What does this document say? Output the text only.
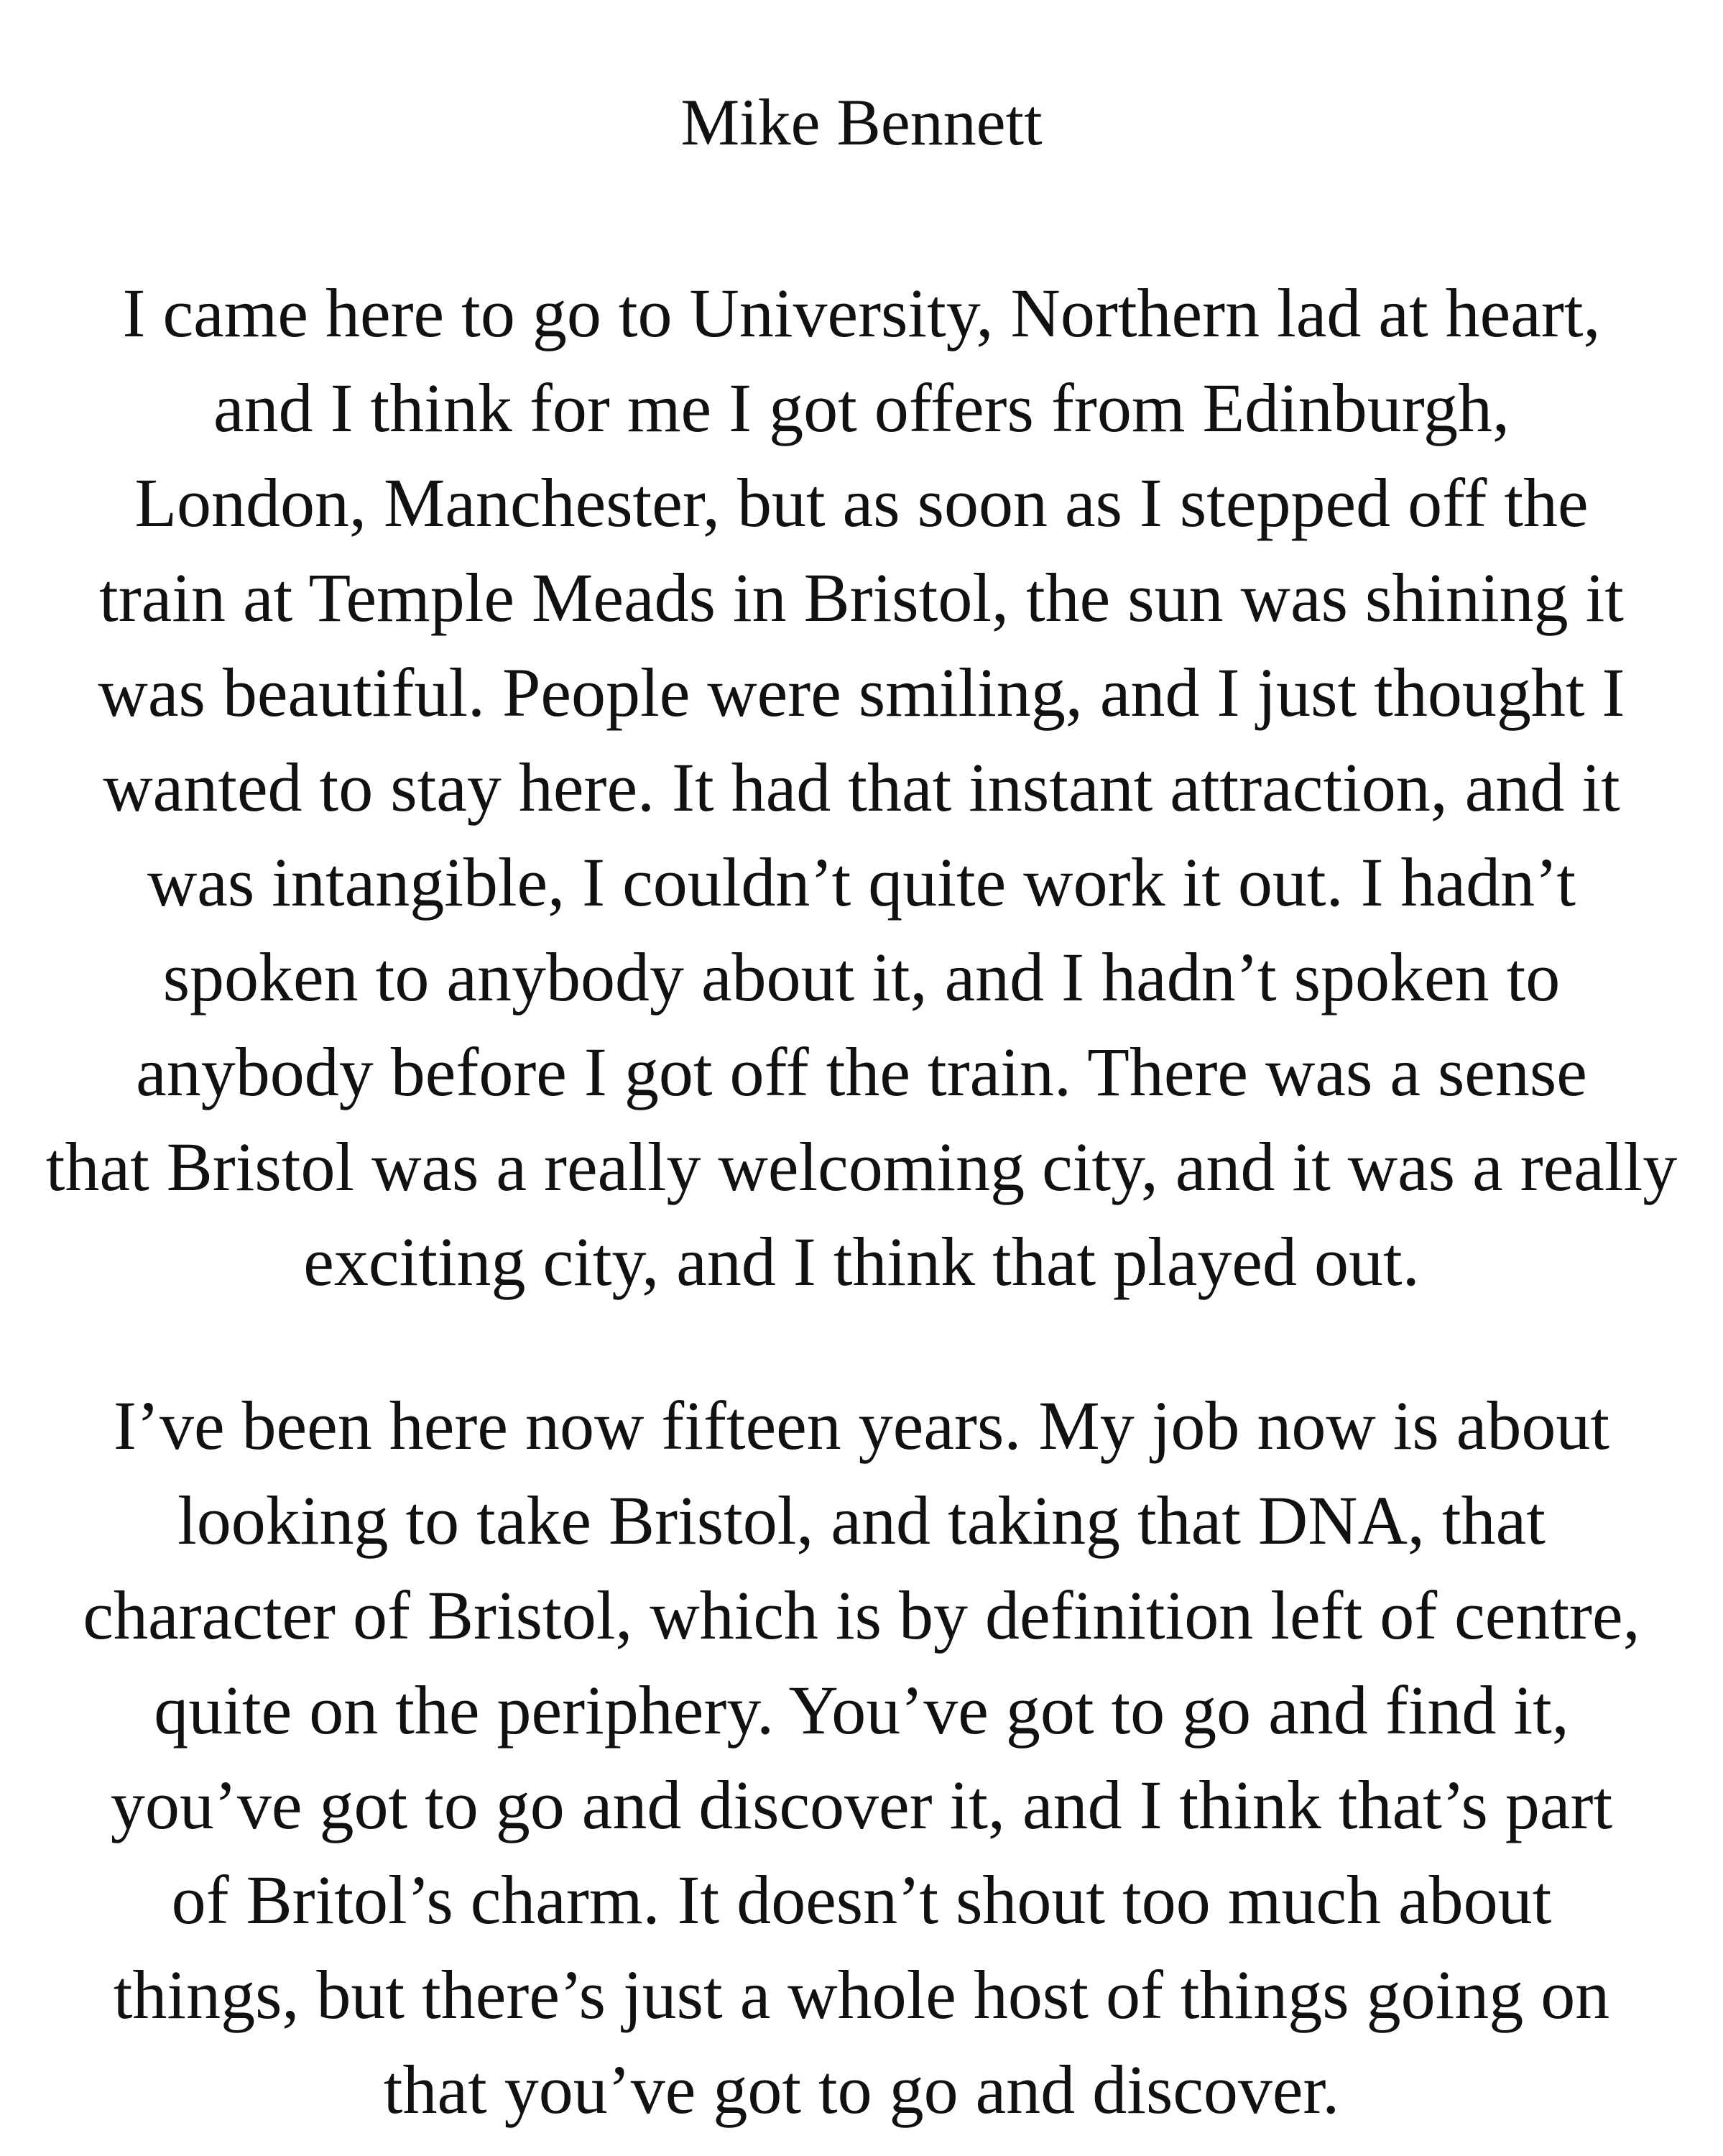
Mike Bennett

I came here to go to University, Northern lad at heart,
and I think for me I got offers from Edinburgh,
London, Manchester, but as soon as I stepped off the
train at Temple Meads in Bristol, the sun was shining it
was beautiful. People were smiling, and I just thought I
wanted to stay here. It had that instant attraction, and it
was intangible, I couldn’t quite work it out. I hadn’t
spoken to anybody about it, and I hadn’t spoken to
anybody before I got off the train. There was a sense
that Bristol was a really welcoming city, and it was a really
exciting city, and I think that played out.

I’ve been here now fifteen years. My job now is about
looking to take Bristol, and taking that DNA, that
character of Bristol, which is by definition left of centre,
quite on the periphery. You’ve got to go and find it,
you’ve got to go and discover it, and I think that’s part
of Britol’s charm. It doesn’t shout too much about
things, but there’s just a whole host of things going on
that you’ve got to go and discover.
